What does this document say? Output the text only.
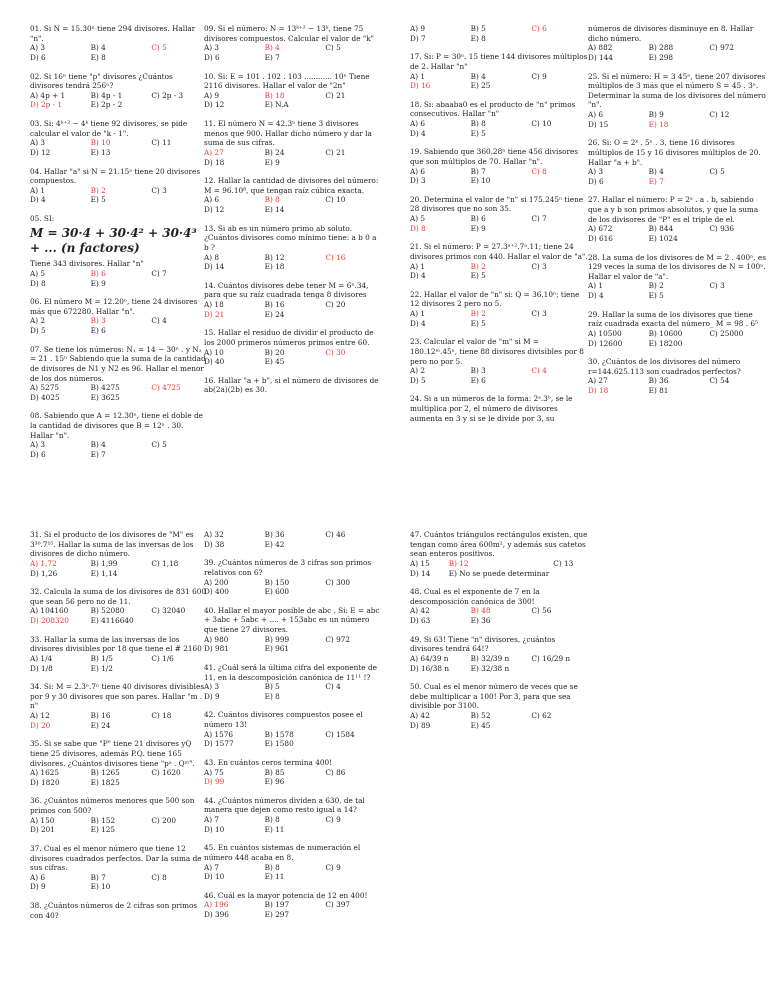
01. Si N = 15.30ⁿ tiene 294 divisores. Hallar "n".
A) 3	B) 4	C) 5
D) 6	E) 8
02. Si 16ⁿ tiene "p" divisores ¿Cuántos divisores tendrá 256ⁿ?
A) 4p + 1	B) 4p - 1	C) 2p - 3
D) 2p - 1	E) 2p - 2
03. Si: 4ᵏ⁺² − 4ᵏ tiene 92 divisores, se pide calcular el valor de "k - 1".
A) 3	B) 10	C) 11
D) 12	E) 13
04. Hallar "a" si N = 21.15ᵃ tiene 20 divisores compuestos.
A) 1	B) 2	C) 3
D) 4	E) 5
05. SI:
M = 30·4 + 30·4² + 30·4³ + ... (n factores)
Tiene 343 divisores. Hallar "n"
A) 5	B) 6	C) 7
D) 8	E) 9
06. El número M = 12.20ⁿ, tiene 24 divisores más que 672280. Hallar "n".
A) 2	B) 3	C) 4
D) 5	E) 6
07. Se tiene los números: N₁ = 14 − 30ⁿ . y N₂ = 21 . 15ⁿ Sabiendo que la suma de la cantidad de divisores de N1 y N2 es 96. Hallar el menor de los dos números.
A) 5275	B) 4275	C) 4725
D) 4025	E) 3625
08. Sabiendo que A = 12.30ⁿ, tiene el doble de la cantidad de divisores que B = 12ⁿ . 30. Hallar "n".
A) 3	B) 4	C) 5
D) 6	E) 7
09. Si el número: N = 13ᵏ⁺² − 13ᵏ, tiene 75 divisores compuestos. Calcular el valor de "k"
A) 3	B) 4	C) 5
D) 6	E) 7
10. Si: E = 101 . 102 . 103 ............ 10ⁿ Tiene 2116 divisores. Hallar el valor de "2n"
A) 9	B) 18	C) 21
D) 12	E) N.A
11. El número N = 42.3ⁿ tiene 3 divisores menos que 900. Hallar dicho número y dar la suma de sus cifras.
A) 27	B) 24	C) 21
D) 18	E) 9
12. Hallar la cantidad de divisores del número: M = 96.10⁸, que tengan raíz cúbica exacta.
A) 6	B) 8	C) 10
D) 12	E) 14
13. Si ab es un número primo ab soluto. ¿Cuántos divisores como mínimo tiene: a b 0 a b ?
A) 8	B) 12	C) 16
D) 14	E) 18
14. Cuántos divisores debe tener M = 6ⁿ.34, para que su raíz cuadrada tenga 8 divisores
A) 18	B) 16	C) 20
D) 21	E) 24
15. Hallar el residuo de dividir el producto de los 2000 primeros números primos entre 60.
A) 10	B) 20	C) 30
D) 40	E) 45
16. Hallar "a + b", si el número de divisores de ab(2a)(2b) es 30.
A) 9	B) 5	C) 6
D) 7	E) 8
17. Si: P = 30ⁿ. 15 tiene 144 divisores múltiplos de 2. Hallar "n"
A) 1	B) 4	C) 9
D) 16	E) 25
18. Si: abaaba0 es el producto de "n" primos consecutivos. Hallar "n"
A) 6	B) 8	C) 10
D) 4	E) 5
19. Sabiendo que 360.28ⁿ tiene 456 divisores que son múltiplos de 70. Hallar "n".
A) 6	B) 7	C) 8
D) 3	E) 10
20. Determina el valor de "n" si 175.245ⁿ tiene 28 divisores que no son 35.
A) 5	B) 6	C) 7
D) 8	E) 9
21. Si el número: P = 27.3ᵃ⁺².7ᵃ.11; tiene 24 divisores primos con 440. Hallar el valor de "a".
A) 1	B) 2	C) 3
D) 4	E) 5
22. Hallar el valor de "n" si: Q = 36.10ⁿ; tiene 12 divisores 2 pero no 5.
A) 1	B) 2	C) 3
D) 4	E) 5
23. Calcular el valor de "m" si M = 180.12ᵐ.45ⁿ, tiene 88 divisores divisibles por 8 pero no por 5.
A) 2	B) 3	C) 4
D) 5	E) 6
24. Si a un números de la forma: 2ᵃ.3ᵇ, se le multiplica por 2, el número de divisores aumenta en 3 y si se le divide por 3, su
números de divisores disminuye en 8. Hallar dicho número.
A) 882	B) 288	C) 972
D) 144	E) 298
25. Si el número: H = 3 45ⁿ, tiene 207 divisores múltiplos de 3 más que el número S = 45 . 3ⁿ. Determinar la suma de los divisores del número "n".
A) 6	B) 9	C) 12
D) 15	E) 18
26. Si: O = 2ᵏ . 5ⁿ . 3, tiene 16 divisores múltiplos de 15 y 16 divisores múltiplos de 20. Hallar "a + b".
A) 3	B) 4	C) 5
D) 6	E) 7
27. Hallar el número: P = 2ᵃ . a . b, sabiendo que a y b son primos absolutos, y que la suma de los divisores de "P" es el triple de el.
A) 672	B) 844	C) 936
D) 616	E) 1024
28. La suma de los divisores de M = 2 . 400ⁿ, es 129 veces la suma de los divisores de N = 100ⁿ. Hallar el valor de "a".
A) 1	B) 2	C) 3
D) 4	E) 5
29. Hallar la suma de los divisores que tiene raíz cuadrada exacta del número_ M = 98 . 6⁵
A) 10500	B) 10600	C) 25000
D) 12600	E) 18200
30. ¿Cuántos de los divisores del número r=144.625.113 son cuadrados perfectos?
A) 27	B) 36	C) 54
D) 18	E) 81
31. Si el producto de los divisores de "M" es 3³⁰.7¹⁵. Hallar la suma de las inversas de los divisores de dicho número.
A) 1,72	B) 1,99	C) 1,18
D) 1,26	E) 1,14
32. Calcula la suma de los divisores de 831 600 que sean 56 pero no de 11.
A) 104160	B) 52080	C) 32040
D) 208320	E) 4116640
33. Hallar la suma de las inversas de los divisores divisibles por 18 que tiene el # 2160
A) 1/4	B) 1/5	C) 1/6
D) 1/8	E) 1/2
34. Si: M = 2.3ⁿ.7ⁿ tiene 40 divisores divisibles por 9 y 30 divisores que son pares. Hallar "m . n"
A) 12	B) 16	C) 18
D) 20	E) 24
35. Si se sabe que "P" tiene 21 divisores yQ tiene 25 divisores, además P.Q. tiene 165 divisores. ¿Cuántos divisores tiene "pᵃ . Qᵐ".
A) 1625	B) 1265	C) 1620
D) 1820	E) 1825
36. ¿Cuántos números menores que 500 son primos con 500?
A) 150	B) 152	C) 200
D) 201	E) 125
37. Cual es el menor número que tiene 12 divisores cuadrados perfectos. Dar la suma de sus cifras.
A) 6	B) 7	C) 8
D) 9	E) 10
38. ¿Cuántos números de 2 cifras son primos con 40?
A) 32	B) 36	C) 46
D) 38	E) 42
39. ¿Cuántos números de 3 cifras son primos relativos con 6?
A) 200	B) 150	C) 300
D) 400	E) 600
40. Hallar el mayor posible de abc . Si: E = abc + 3abc + 5abc + .... + 153abc es un número que tiene 27 divisores.
A) 980	B) 999	C) 972
D) 981	E) 961
41. ¿Cuál será la última cifra del exponente de 11, en la descomposición canónica de 11¹¹ !?
A) 3	B) 5	C) 4
D) 9	E) 8
42. Cuántos divisores compuestos posee el número 13!
A) 1576	B) 1578	C) 1584
D) 1577	E) 1580
43. En cuántos ceros termina 400!
A) 75	B) 85	C) 86
D) 99	E) 96
44. ¿Cuántos números dividen a 630, de tal manera que dejen como resto igual a 14?
A) 7	B) 8	C) 9
D) 10	E) 11
45. En cuántos sistemas de numeración el número 448 acaba en 8.
A) 7	B) 8	C) 9
D) 10	E) 11
46. Cuál es la mayor potencia de 12 en 400!
A) 196	B) 197	C) 397
D) 396	E) 297
47. Cuántos triángulos rectángulos existen, que tengan como área 600m², y además sus catetos sean enteros positivos.
A) 15	B) 12	C) 13
D) 14	E) No se puede determinar
48. Cual es el exponente de 7 en la descomposición canónica de 300!
A) 42	B) 48	C) 56
D) 63	E) 36
49. Si 63! Tiene "n" divisores, ¿cuántos divisores tendrá 64!?
A) 64/39 n	B) 32/39 n	C) 16/29 n
D) 16/38 n	E) 32/38 n
50. Cual es el menor número de veces que se debe multiplicar a 100! Por 3, para que sea divisible por 3100.
A) 42	B) 52	C) 62
D) 89	E) 45
